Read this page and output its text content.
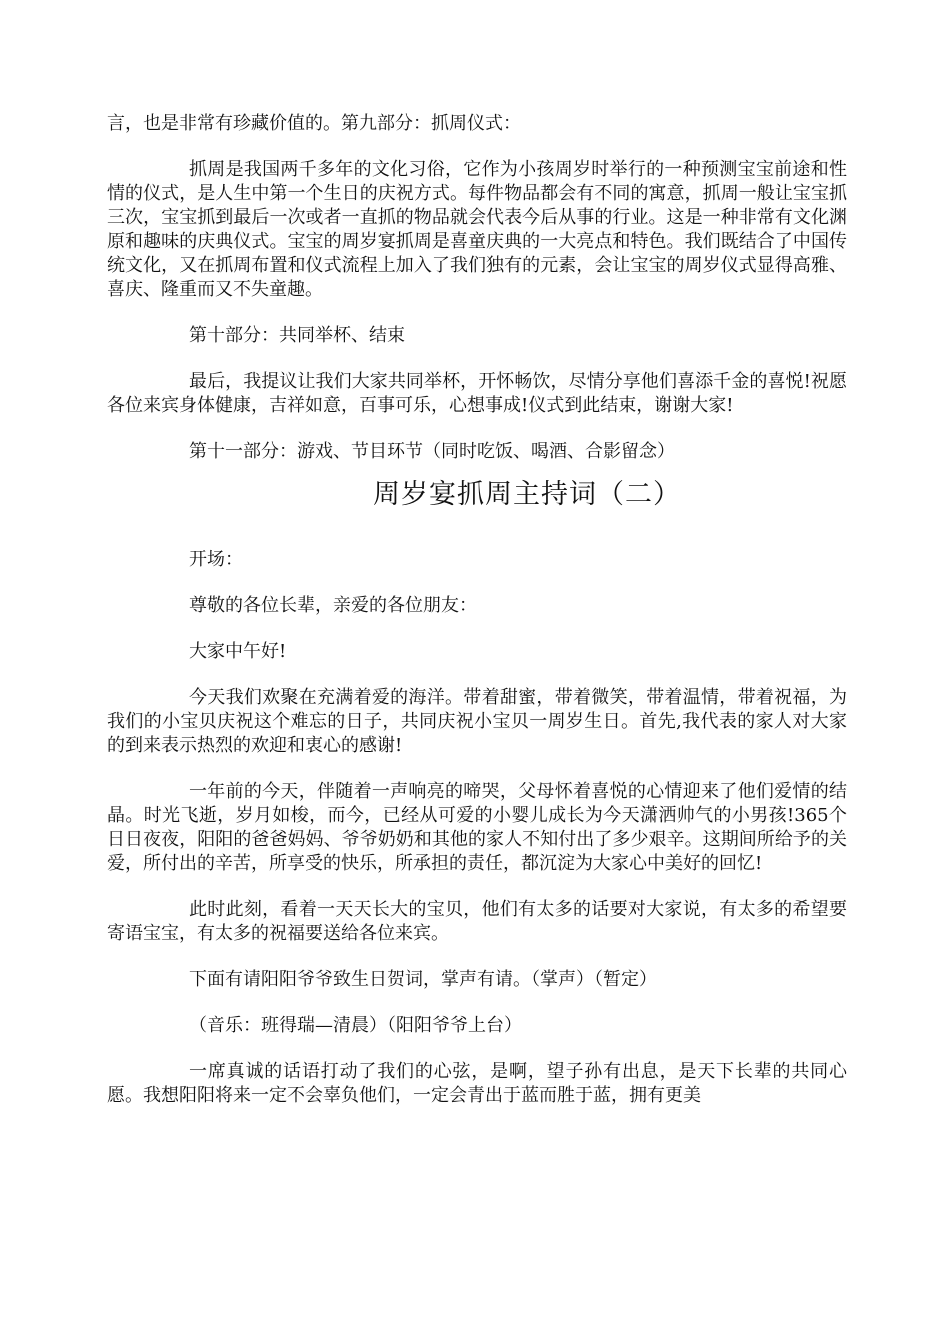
言，也是非常有珍藏价值的。第九部分：抓周仪式：

抓周是我国两千多年的文化习俗，它作为小孩周岁时举行的一种预测宝宝前途和性情的仪式，是人生中第一个生日的庆祝方式。每件物品都会有不同的寓意，抓周一般让宝宝抓三次，宝宝抓到最后一次或者一直抓的物品就会代表今后从事的行业。这是一种非常有文化渊原和趣味的庆典仪式。宝宝的周岁宴抓周是喜童庆典的一大亮点和特色。我们既结合了中国传统文化，又在抓周布置和仪式流程上加入了我们独有的元素，会让宝宝的周岁仪式显得高雅、喜庆、隆重而又不失童趣。

第十部分：共同举杯、结束

最后，我提议让我们大家共同举杯，开怀畅饮，尽情分享他们喜添千金的喜悦!祝愿各位来宾身体健康，吉祥如意，百事可乐，心想事成!仪式到此结束，谢谢大家!

第十一部分：游戏、节目环节（同时吃饭、喝酒、合影留念）

周岁宴抓周主持词（二）

开场：

尊敬的各位长辈，亲爱的各位朋友：

大家中午好!

今天我们欢聚在充满着爱的海洋。带着甜蜜，带着微笑，带着温情，带着祝福，为我们的小宝贝庆祝这个难忘的日子，共同庆祝小宝贝一周岁生日。首先,我代表的家人对大家的到来表示热烈的欢迎和衷心的感谢!

一年前的今天，伴随着一声响亮的啼哭，父母怀着喜悦的心情迎来了他们爱情的结晶。时光飞逝，岁月如梭，而今，已经从可爱的小婴儿成长为今天潇洒帅气的小男孩!365个日日夜夜，阳阳的爸爸妈妈、爷爷奶奶和其他的家人不知付出了多少艰辛。这期间所给予的关爱，所付出的辛苦，所享受的快乐，所承担的责任，都沉淀为大家心中美好的回忆!

此时此刻，看着一天天长大的宝贝，他们有太多的话要对大家说，有太多的希望要寄语宝宝，有太多的祝福要送给各位来宾。

下面有请阳阳爷爷致生日贺词，掌声有请。（掌声）（暂定）

（音乐：班得瑞—清晨）（阳阳爷爷上台）

一席真诚的话语打动了我们的心弦，是啊，望子孙有出息，是天下长辈的共同心愿。我想阳阳将来一定不会辜负他们，一定会青出于蓝而胜于蓝，拥有更美
